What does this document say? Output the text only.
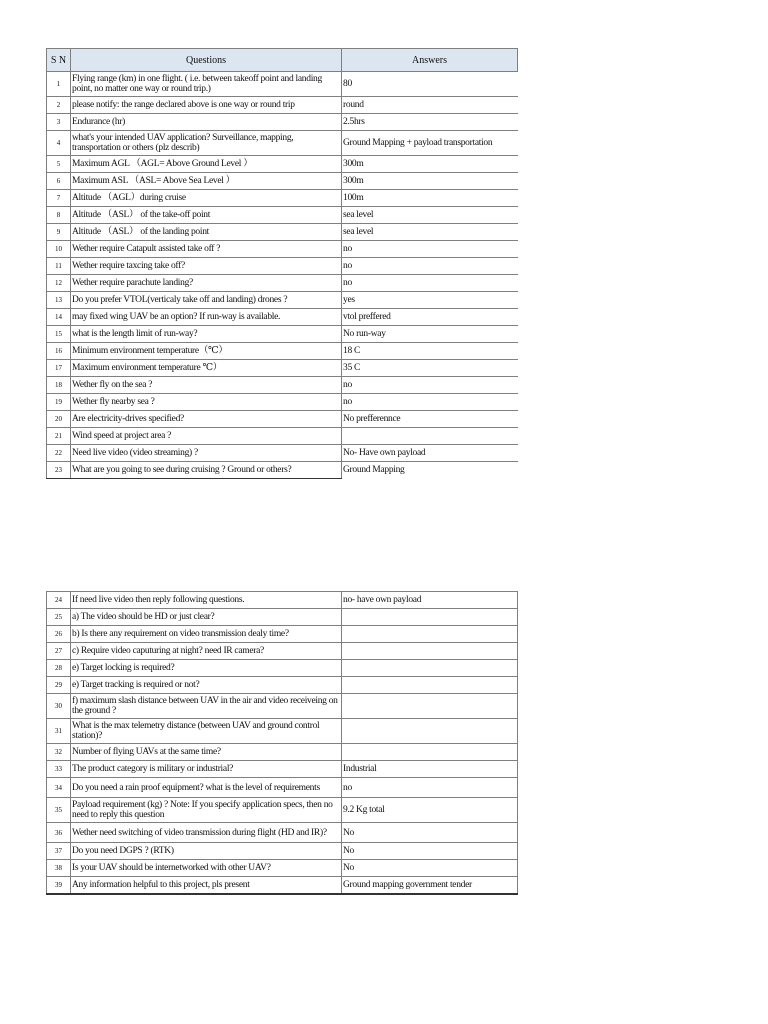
S N	Questions	Answers
1	Flying range (km) in one flight. ( i.e. between takeoff point and landing point, no matter one way or round trip.)	80
2	please notify: the range declared above is one way or round trip	round
3	Endurance (hr)	2.5hrs
4	what's your intended UAV application? Surveillance, mapping, transportation or others (plz describ)	Ground Mapping + payload transportation
5	Maximum AGL （AGL= Above Ground Level ）	300m
6	Maximum ASL （ASL= Above Sea Level ）	300m
7	Altitude （AGL）during cruise	100m
8	Altitude （ASL） of the take-off point	sea level
9	Altitude （ASL） of the landing point	sea level
10	Wether require Catapult assisted take off ?	no
11	Wether require taxcing take off?	no
12	Wether require parachute landing?	no
13	Do you prefer VTOL(verticaly take off and landing) drones ?	yes
14	may fixed wing UAV be an option? If run-way is available.	vtol preffered
15	what is the length limit of run-way?	No run-way
16	Minimum environment temperature（℃）	18 C
17	Maximum environment temperature ℃）	35 C
18	Wether fly on the sea ?	no
19	Wether fly nearby sea ?	no
20	Are electricity-drives specified?	No prefferennce
21	Wind speed at project area ?	
22	Need live video (video streaming) ?	No- Have own payload
23	What are you going to see during cruising ? Ground or others?	Ground Mapping
24	If need live video then reply following questions.	no- have own payload
25	a) The video should be HD or just clear?	
26	b) Is there any requirement on video transmission dealy time?	
27	c) Require video caputuring at night? need IR camera?	
28	e) Target locking is required?	
29	e) Target tracking is required or not?	
30	f) maximum slash distance between UAV in the air and video receiveing on the ground ?	
31	What is the max telemetry distance (between UAV and ground control station)?	
32	Number of flying UAVs at the same time?	
33	The product category is military or industrial?	Industrial
34	Do you need a rain proof equipment? what is the level of requirements	no
35	Payload requirement (kg) ? Note: If you specify application specs, then no need to reply this question	9.2 Kg total
36	Wether need switching of video transmission during flight (HD and IR)?	No
37	Do you need DGPS ? (RTK)	No
38	Is your UAV should be internetworked with other UAV?	No
39	Any information helpful to this project, pls present	Ground mapping government tender
